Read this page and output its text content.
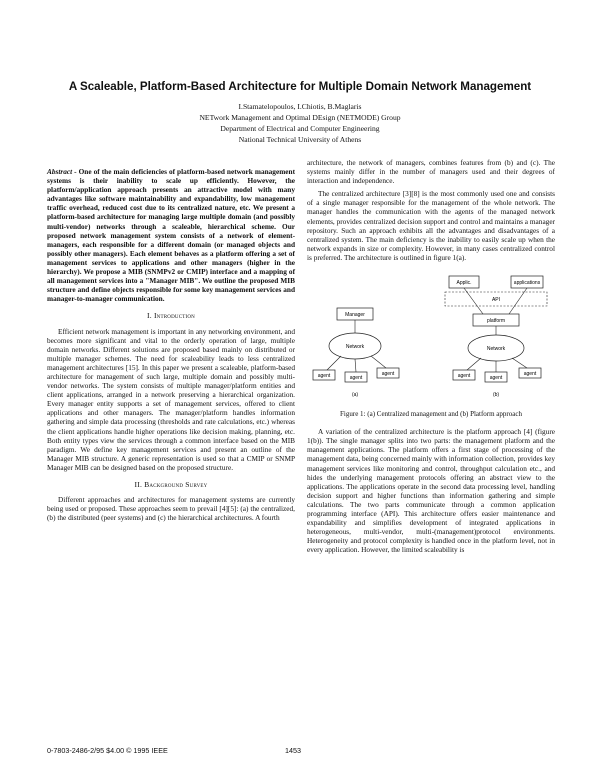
A Scaleable, Platform-Based Architecture for Multiple Domain Network Management
I.Stamatelopoulos, I.Chiotis, B.Maglaris
NETwork Management and Optimal DEsign (NETMODE) Group
Department of Electrical and Computer Engineering
National Technical University of Athens

Abstract - One of the main deficiencies of platform-based network management systems is their inability to scale up efficiently. However, the platform/application approach presents an attractive model with many advantages like software maintainability and expandability, low management traffic overhead, reduced cost due to its centralized nature, etc. We present a platform-based architecture for managing large multiple domain (and possibly multi-vendor) networks through a scaleable, hierarchical scheme. Our proposed network management system consists of a network of element-managers, each responsible for a different domain (or managed objects and possibly other managers). Each element behaves as a platform offering a set of management services to applications and other managers (higher in the hierarchy). We propose a MIB (SNMPv2 or CMIP) interface and a mapping of all management services into a "Manager MIB". We outline the proposed MIB structure and define objects responsible for some key management services and manager-to-manager communication.

I. Introduction

Efficient network management is important in any networking environment, and becomes more significant and vital to the orderly operation of large, multiple domain networks. Different solutions are proposed based mainly on distributed or multiple manager schemes. The need for scaleability leads to less centralized management architectures [15]. In this paper we present a scaleable, platform-based architecture for management of such large, multiple domain and possibly multi-vendor networks. The system consists of multiple manager/platform entities and client applications, arranged in a network preserving a hierarchical organization. Every manager entity supports a set of management services, offered to client applications and other managers. The manager/platform handles information gathering and simple data processing (thresholds and rate calculations, etc.) whereas the client applications handle higher operations like decision making, planning, etc. Both entity types view the services through a common interface based on the MIB paradigm. We define key management services and present an outline of the Manager MIB structure. A generic representation is used so that a CMIP or SNMP Manager MIB can be designed based on the proposed structure.

II. Background Survey

Different approaches and architectures for management systems are currently being used or proposed. These approaches seem to prevail [4][5]: (a) the centralized, (b) the distributed (peer systems) and (c) the hierarchical architectures. A fourth

architecture, the network of managers, combines features from (b) and (c). The systems mainly differ in the number of managers used and their degrees of interaction and independence.

The centralized architecture [3][8] is the most commonly used one and consists of a single manager responsible for the management of the whole network. The manager handles the communication with the agents of the managed network elements, provides centralized decision support and control and maintains a manager repository. Such an approach exhibits all the advantages and disadvantages of a centralized system. The main deficiency is the inability to easily scale up when the network expands in size or complexity. However, in many cases centralized control is preferred. The architecture is outlined in figure 1(a).

Network
Manager
agent	agent
agent
(a)
Applic.	applications
API
platform
Network
agent	agent
agent
(b)
Figure 1: (a) Centralized management and (b) Platform approach

A variation of the centralized architecture is the platform approach [4] (figure 1(b)). The single manager splits into two parts: the management platform and the management applications. The platform offers a first stage of processing of the management data, being concerned mainly with information collection, provides key management services like monitoring and control, throughput calculation etc., and hides the underlying management protocols offering an abstract view to the applications. The applications operate in the second data processing level, handling decision support and higher functions than information gathering and simple calculations. The two parts communicate through a common application programming interface (API). This architecture offers easier maintenance and expandability and simplifies development of integrated applications in heterogeneous, multi-vendor, multi-(management)protocol environments. Heterogeneity and protocol complexity is handled once in the platform level, not in every application. However, the limited scaleability is

0-7803-2486-2/95 $4.00 © 1995 IEEE	1453
